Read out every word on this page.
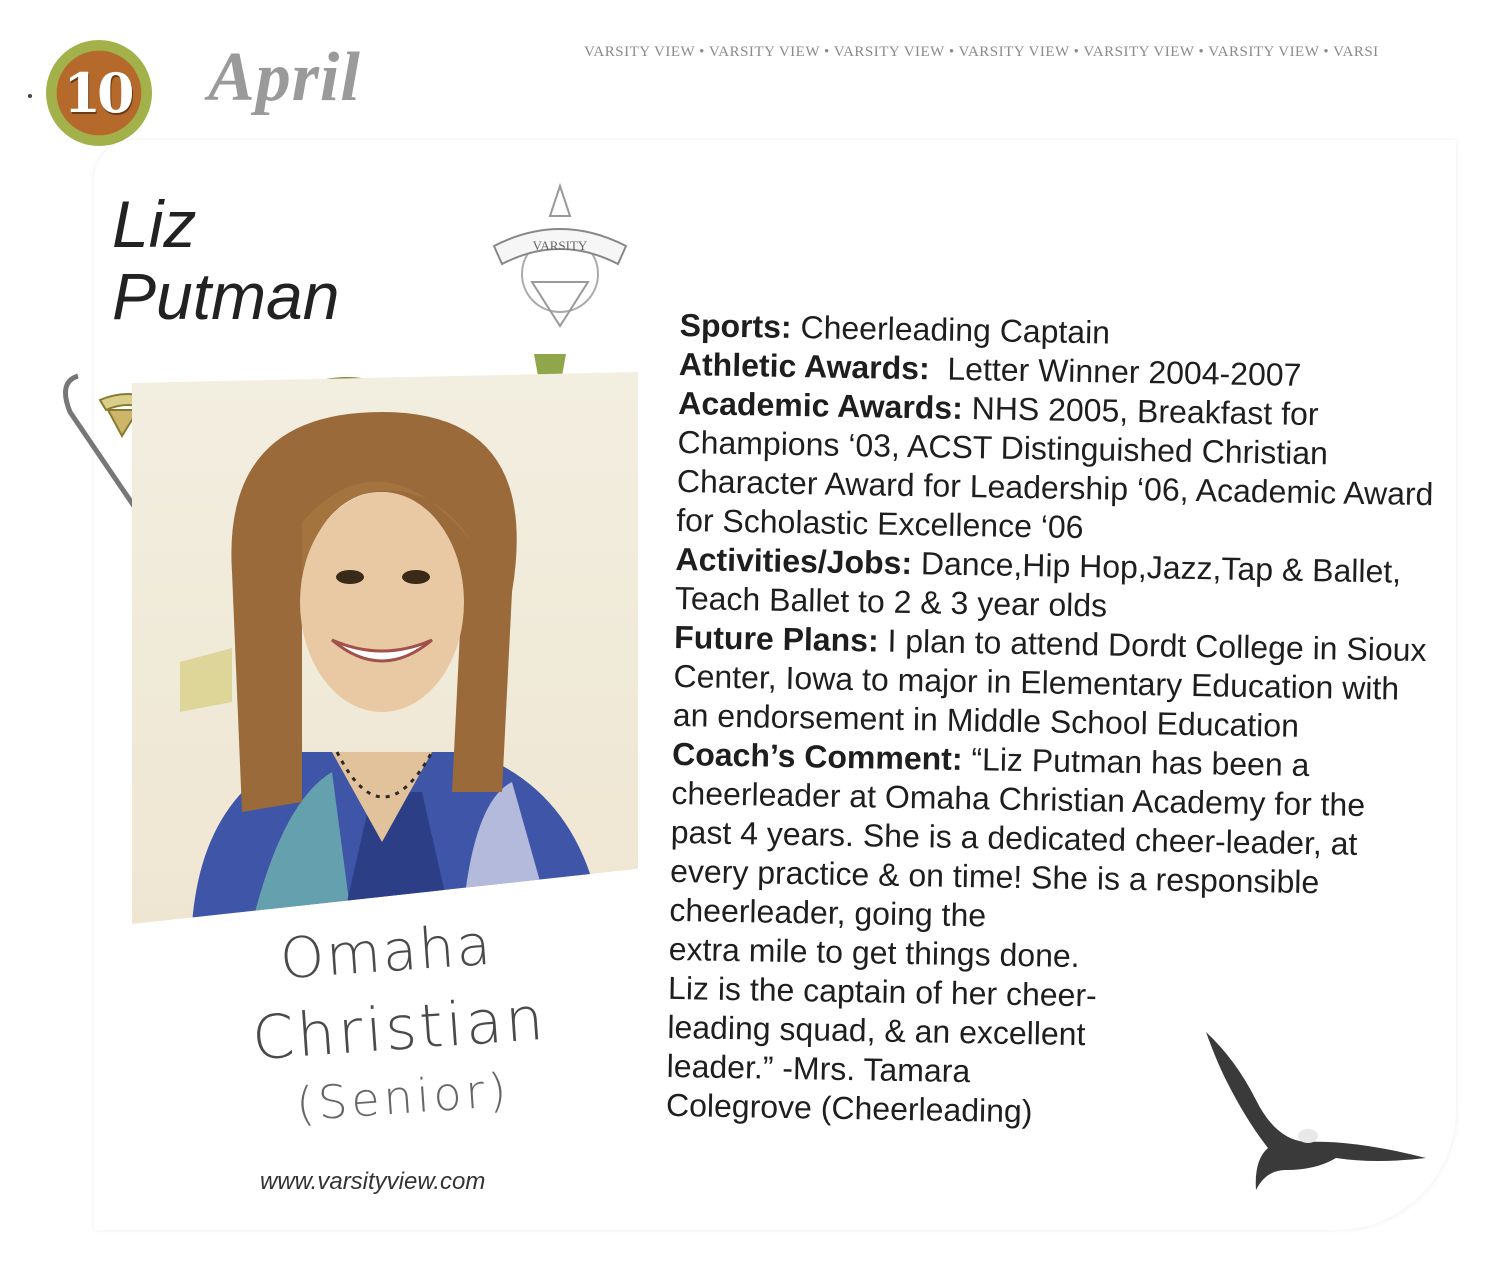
VARSITY VIEW • VARSITY VIEW • VARSITY VIEW • VARSITY VIEW • VARSITY VIEW • VARSITY VIEW • VARSI
10 April
Liz
Putman
VARSITY
Omaha
Christian
(Senior)
www.varsityview.com

Sports: Cheerleading Captain

Athletic Awards: Letter Winner 2004-2007

Academic Awards: NHS 2005, Breakfast for Champions ‘03, ACST Distinguished Christian Character Award for Leadership ‘06, Academic Award for Scholastic Excellence ‘06

Activities/Jobs: Dance,Hip Hop,Jazz,Tap & Ballet, Teach Ballet to 2 & 3 year olds

Future Plans: I plan to attend Dordt College in Sioux Center, Iowa to major in Elementary Education with an endorsement in Middle School Education

Coach’s Comment: “Liz Putman has been a cheerleader at Omaha Christian Academy for the past 4 years. She is a dedicated cheer-leader, at every practice & on time! She is a responsible cheerleader, going the

extra mile to get things done.

Liz is the captain of her cheer-

leading squad, & an excellent

leader.” -Mrs. Tamara

Colegrove (Cheerleading)
